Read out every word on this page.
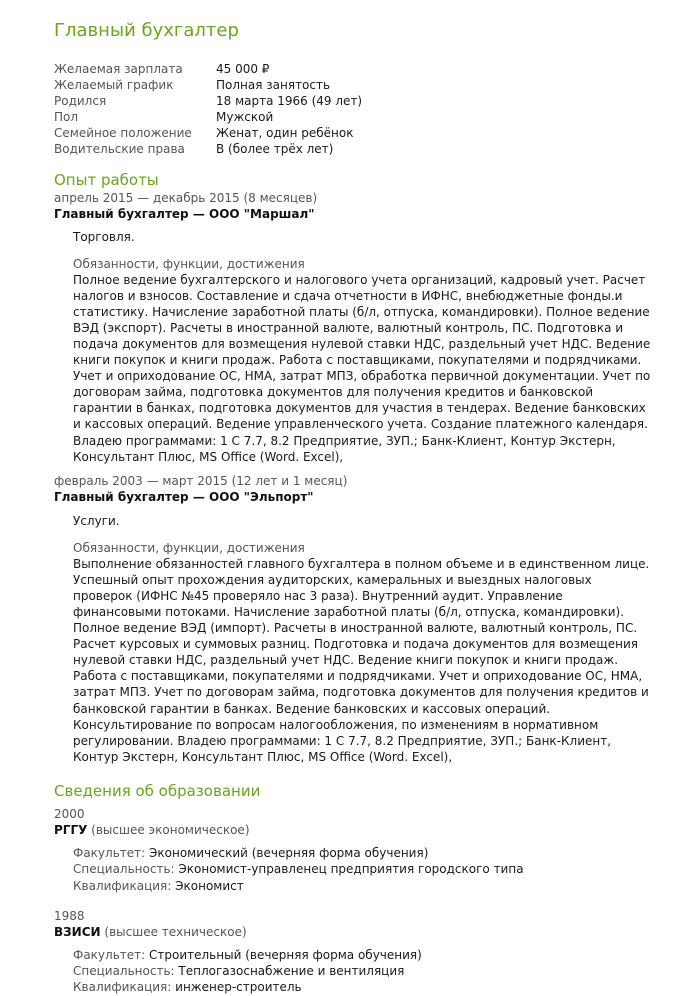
Главный бухгалтер
Желаемая зарплата	45 000 ₽
Желаемый график	Полная занятость
Родился	18 марта 1966 (49 лет)
Пол	Мужской
Семейное положение	Женат, один ребёнок
Водительские права	B (более трёх лет)
Опыт работы
апрель 2015 — декабрь 2015 (8 месяцев)
Главный бухгалтер — ООО "Маршал"
Торговля.
Обязанности, функции, достижения
Полное ведение бухгалтерского и налогового учета организаций, кадровый учет. Расчет налогов и взносов. Составление и сдача отчетности в ИФНС, внебюджетные фонды.и статистику. Начисление заработной платы (б/л, отпуска, командировки). Полное ведение ВЭД (экспорт). Расчеты в иностранной валюте, валютный контроль, ПС. Подготовка и подача документов для возмещения нулевой ставки НДС, раздельный учет НДС. Ведение книги покупок и книги продаж. Работа с поставщиками, покупателями и подрядчиками. Учет и оприходование ОС, НМА, затрат МПЗ, обработка первичной документации. Учет по договорам займа, подготовка документов для получения кредитов и банковской гарантии в банках, подготовка документов для участия в тендерах. Ведение банковских и кассовых операций. Ведение управленческого учета. Создание платежного календаря. Владею программами: 1 С 7.7, 8.2 Предприятие, ЗУП.; Банк-Клиент, Контур Экстерн, Консультант Плюс, MS Office (Word. Excel),
февраль 2003 — март 2015 (12 лет и 1 месяц)
Главный бухгалтер — ООО "Эльпорт"
Услуги.
Обязанности, функции, достижения
Выполнение обязанностей главного бухгалтера в полном объеме и в единственном лице. Успешный опыт прохождения аудиторских, камеральных и выездных налоговых проверок (ИФНС №45 проверяло нас 3 раза). Внутренний аудит. Управление финансовыми потоками. Начисление заработной платы (б/л, отпуска, командировки). Полное ведение ВЭД (импорт). Расчеты в иностранной валюте, валютный контроль, ПС. Расчет курсовых и суммовых разниц. Подготовка и подача документов для возмещения нулевой ставки НДС, раздельный учет НДС. Ведение книги покупок и книги продаж. Работа с поставщиками, покупателями и подрядчиками. Учет и оприходование ОС, НМА, затрат МПЗ. Учет по договорам займа, подготовка документов для получения кредитов и банковской гарантии в банках. Ведение банковских и кассовых операций. Консультирование по вопросам налогообложения, по изменениям в нормативном регулировании. Владею программами: 1 С 7.7, 8.2 Предприятие, ЗУП.; Банк-Клиент, Контур Экстерн, Консультант Плюс, MS Office (Word. Excel),
Сведения об образовании
2000
РГГУ (высшее экономическое)
Факультет: Экономический (вечерняя форма обучения)
Специальность: Экономист-управленец предприятия городского типа
Квалификация: Экономист
1988
ВЗИСИ (высшее техническое)
Факультет: Строительный (вечерняя форма обучения)
Специальность: Теплогазоснабжение и вентиляция
Квалификация: инженер-строитель
